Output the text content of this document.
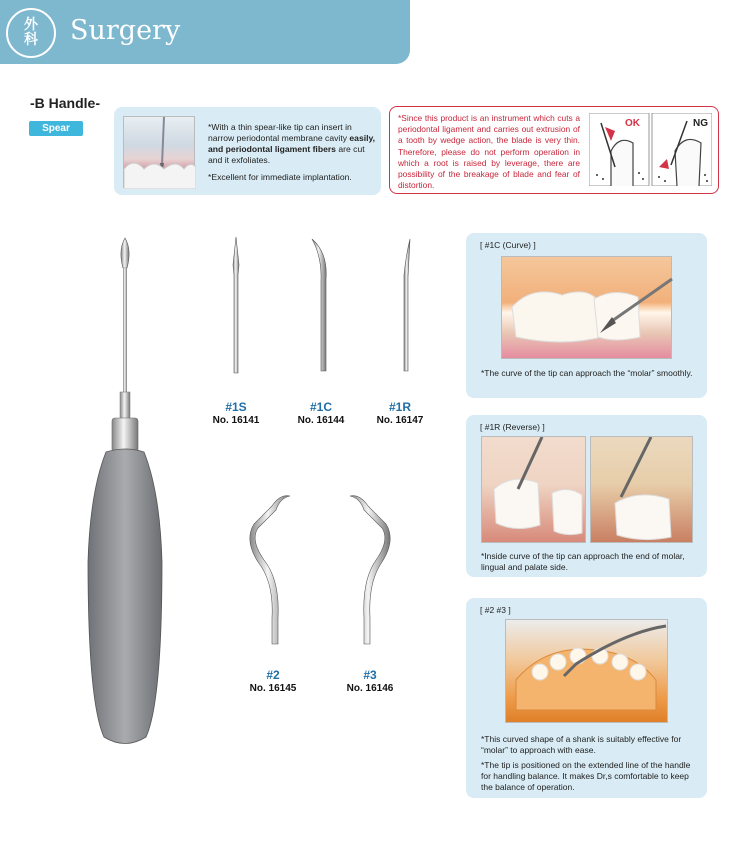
外
科 Surgery
-B Handle-
Spear	*With a thin spear-like tip can insert in narrow periodontal membrane cavity easily, and periodontal ligament fibers are cut and it exfoliates.

*Excellent for immediate implantation.

*Since this product is an instrument which cuts a periodontal ligament and carries out extrusion of a tooth by wedge action, the blade is very thin. Therefore, please do not perform operation in which a root is raised by leverage, there are possibility of the breakage of blade and fear of distortion.
OK	NG
#1S
No. 16141
#1C
No. 16144
#1R
No. 16147
#2
No. 16145
#3
No. 16146
[ #1C (Curve) ]
*The curve of the tip can approach the “molar” smoothly.
[ #1R (Reverse) ]
*Inside curve of the tip can approach the end of molar, lingual and palate side.
[ #2 #3 ]
*This curved shape of a shank is suitably effective for “molar” to approach with ease.
*The tip is positioned on the extended line of the handle for handling balance. It makes Dr,s comfortable to keep the balance of operation.
